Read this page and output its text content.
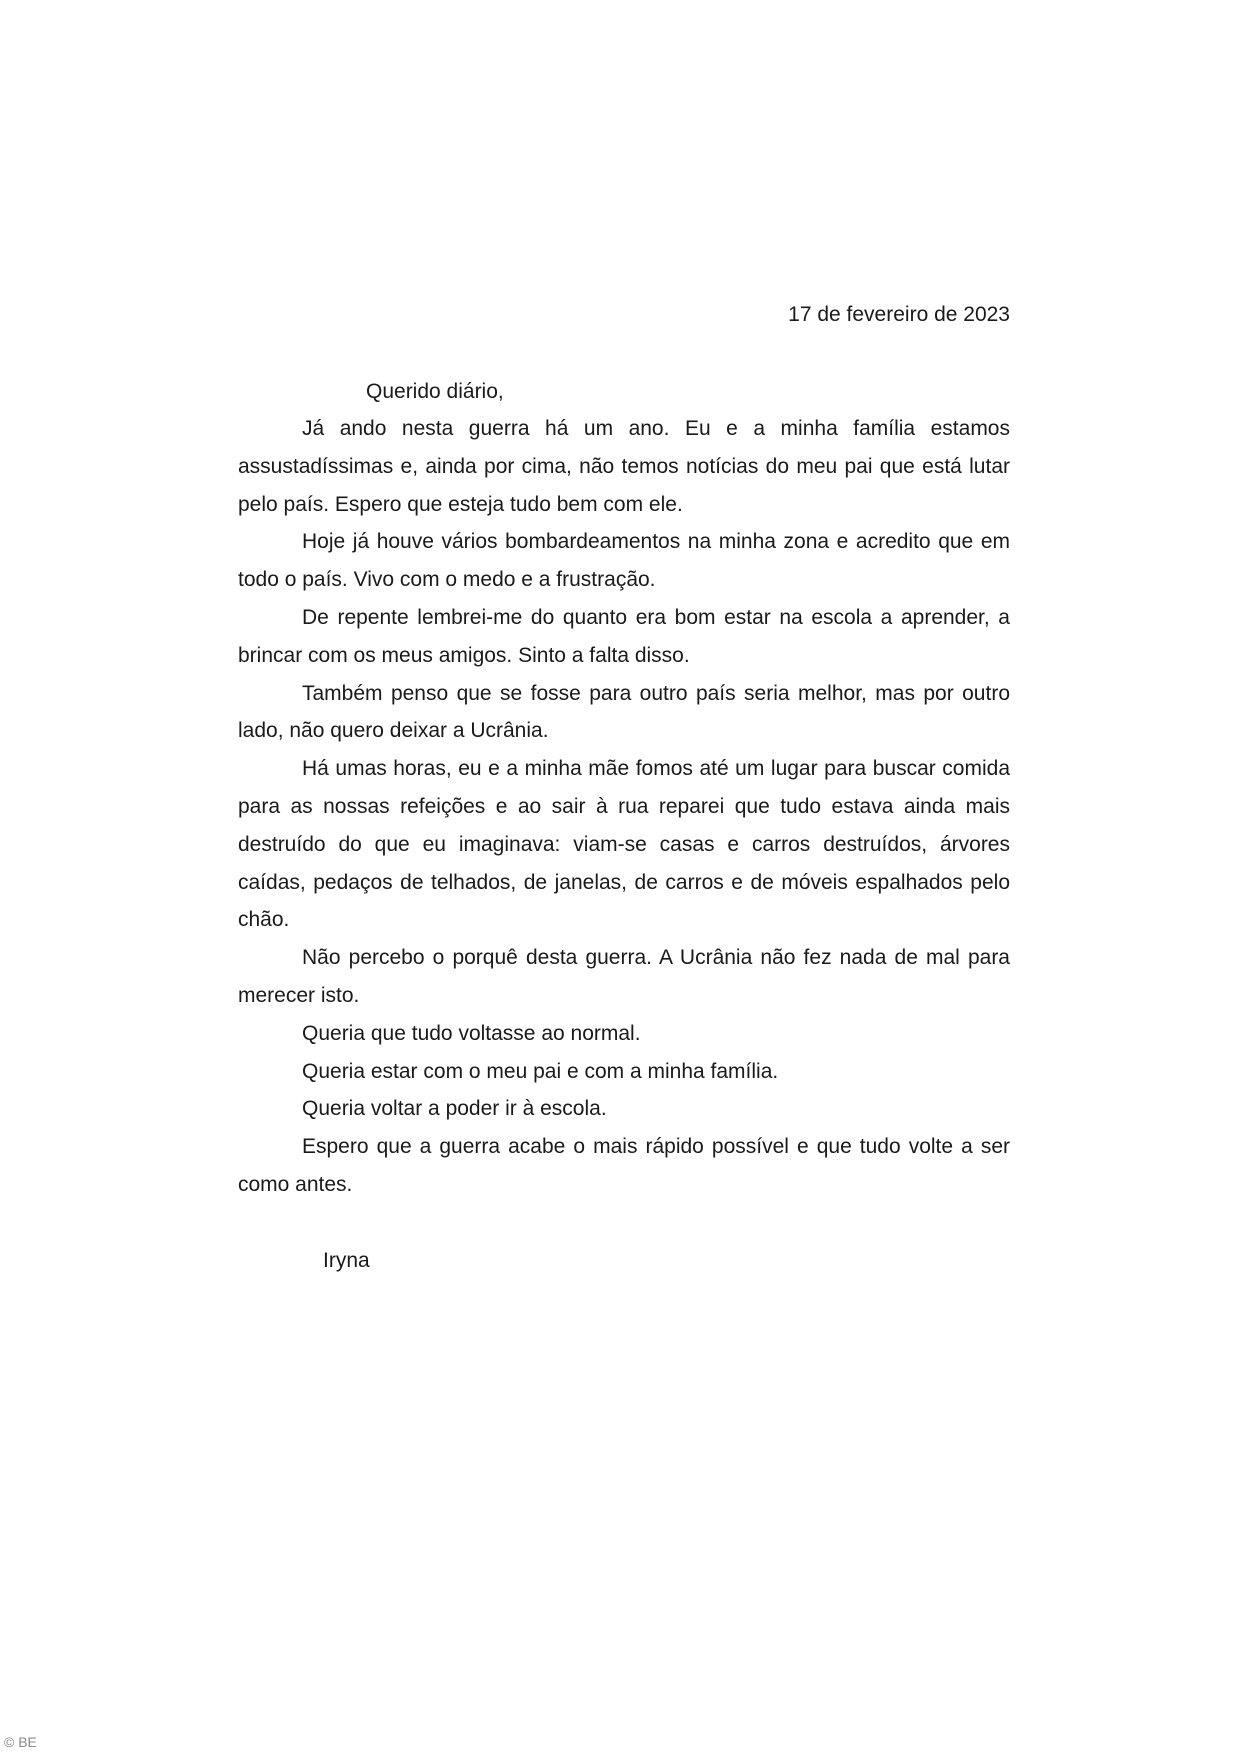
17 de fevereiro de 2023
Querido diário,

Já ando nesta guerra há um ano. Eu e a minha família estamos assustadíssimas e, ainda por cima, não temos notícias do meu pai que está lutar pelo país. Espero que esteja tudo bem com ele.

Hoje já houve vários bombardeamentos na minha zona e acredito que em todo o país. Vivo com o medo e a frustração.

De repente lembrei-me do quanto era bom estar na escola a aprender, a brincar com os meus amigos. Sinto a falta disso.

Também penso que se fosse para outro país seria melhor, mas por outro lado, não quero deixar a Ucrânia.

Há umas horas, eu e a minha mãe fomos até um lugar para buscar comida para as nossas refeições e ao sair à rua reparei que tudo estava ainda mais destruído do que eu imaginava: viam-se casas e carros destruídos, árvores caídas, pedaços de telhados, de janelas, de carros e de móveis espalhados pelo chão.

Não percebo o porquê desta guerra. A Ucrânia não fez nada de mal para merecer isto.

Queria que tudo voltasse ao normal.

Queria estar com o meu pai e com a minha família.

Queria voltar a poder ir à escola.

Espero que a guerra acabe o mais rápido possível e que tudo volte a ser como antes.

Iryna
© BE
